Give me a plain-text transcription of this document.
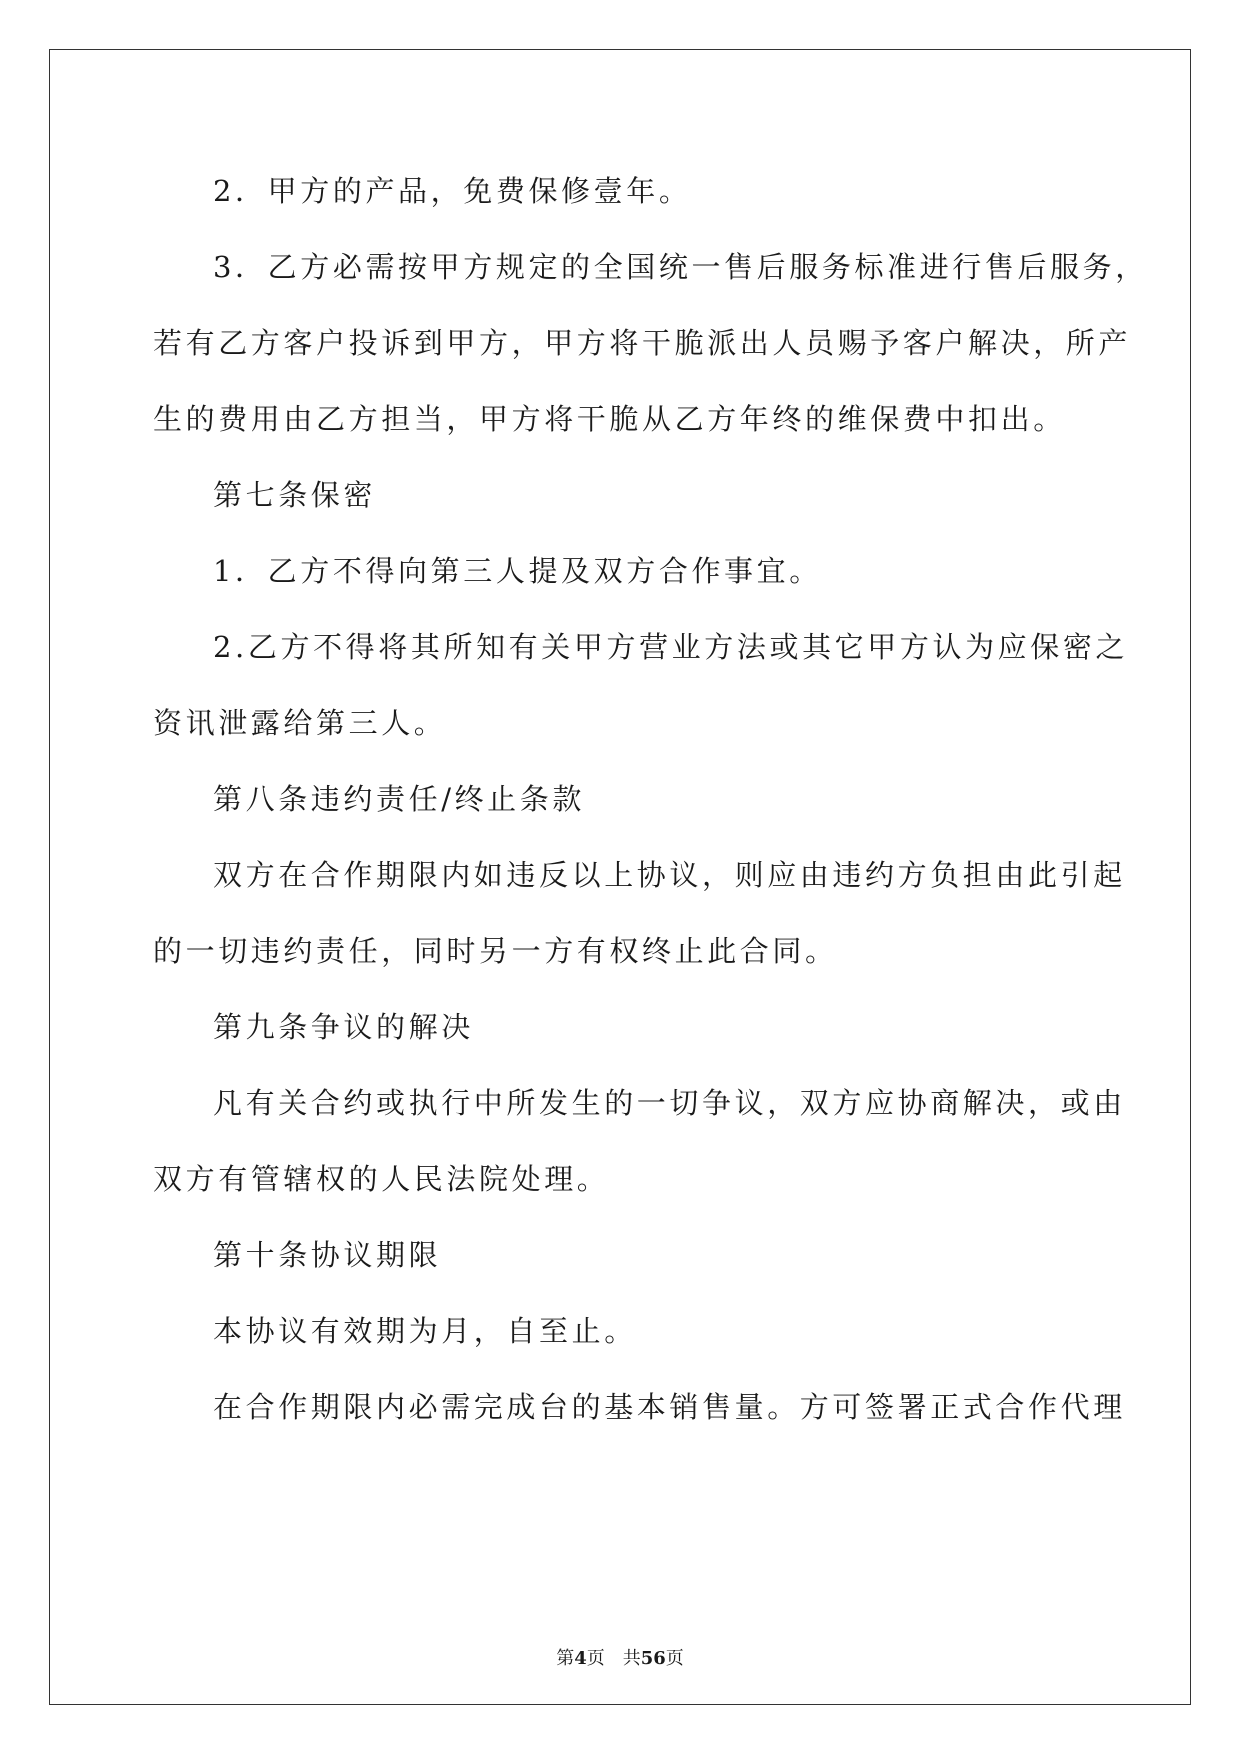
2．甲方的产品，免费保修壹年。
3．乙方必需按甲方规定的全国统一售后服务标准进行售后服务，
若有乙方客户投诉到甲方，甲方将干脆派出人员赐予客户解决，所产
生的费用由乙方担当，甲方将干脆从乙方年终的维保费中扣出。
第七条保密
1．乙方不得向第三人提及双方合作事宜。
2.乙方不得将其所知有关甲方营业方法或其它甲方认为应保密之
资讯泄露给第三人。
第八条违约责任/终止条款
双方在合作期限内如违反以上协议，则应由违约方负担由此引起
的一切违约责任，同时另一方有权终止此合同。
第九条争议的解决
凡有关合约或执行中所发生的一切争议，双方应协商解决，或由
双方有管辖权的人民法院处理。
第十条协议期限
本协议有效期为月，自至止。
在合作期限内必需完成台的基本销售量。方可签署正式合作代理
第4页　共56页
